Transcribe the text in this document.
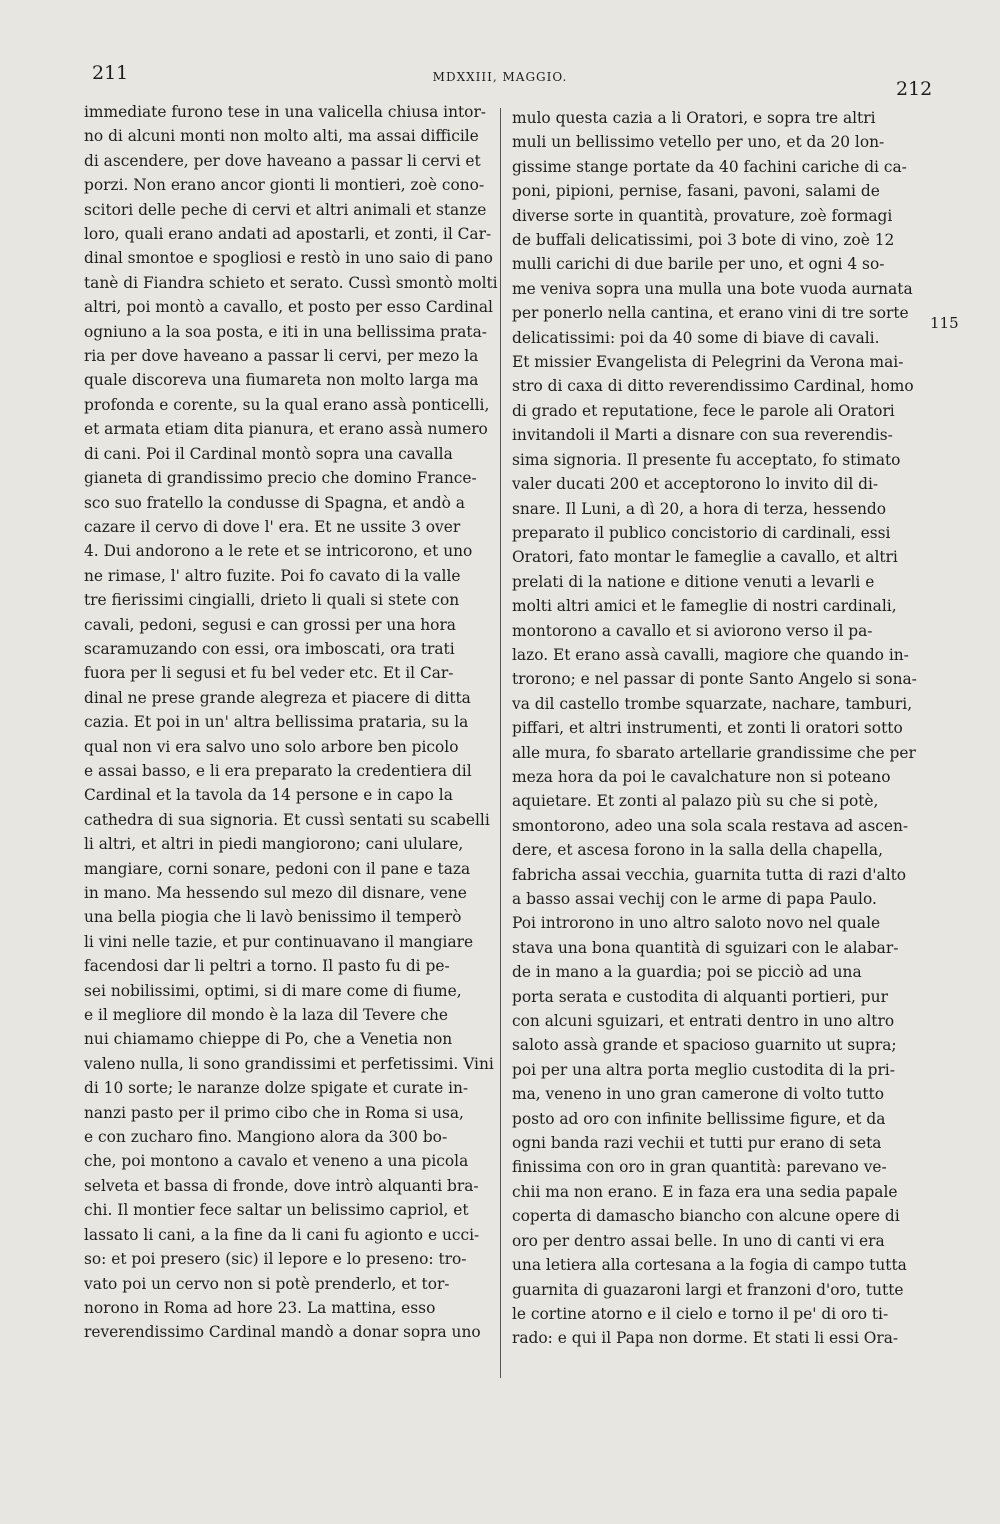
211	MDXXIII, MAGGIO.
212
115
immediate furono tese in una valicella chiusa intor-
no di alcuni monti non molto alti, ma assai difficile
di ascendere, per dove haveano a passar li cervi et
porzi. Non erano ancor gionti li montieri, zoè cono-
scitori delle peche di cervi et altri animali et stanze
loro, quali erano andati ad apostarli, et zonti, il Car-
dinal smontoe e spogliosi e restò in uno saio di pano
tanè di Fiandra schieto et serato. Cussì smontò molti
altri, poi montò a cavallo, et posto per esso Cardinal
ogniuno a la soa posta, e iti in una bellissima prata-
ria per dove haveano a passar li cervi, per mezo la
quale discoreva una fiumareta non molto larga ma
profonda e corente, su la qual erano assà ponticelli,
et armata etiam dita pianura, et erano assà numero
di cani. Poi il Cardinal montò sopra una cavalla
gianeta di grandissimo precio che domino France-
sco suo fratello la condusse di Spagna, et andò a
cazare il cervo di dove l' era. Et ne ussite 3 over
4. Dui andorono a le rete et se intricorono, et uno
ne rimase, l' altro fuzite. Poi fo cavato di la valle
tre fierissimi cingialli, drieto li quali si stete con
cavali, pedoni, segusi e can grossi per una hora
scaramuzando con essi, ora imboscati, ora trati
fuora per li segusi et fu bel veder etc. Et il Car-
dinal ne prese grande alegreza et piacere di ditta
cazia. Et poi in un' altra bellissima prataria, su la
qual non vi era salvo uno solo arbore ben picolo
e assai basso, e li era preparato la credentiera dil
Cardinal et la tavola da 14 persone e in capo la
cathedra di sua signoria. Et cussì sentati su scabelli
li altri, et altri in piedi mangiorono; cani ululare,
mangiare, corni sonare, pedoni con il pane e taza
in mano. Ma hessendo sul mezo dil disnare, vene
una bella piogia che li lavò benissimo il temperò
li vini nelle tazie, et pur continuavano il mangiare
facendosi dar li peltri a torno. Il pasto fu di pe-
sei nobilissimi, optimi, si di mare come di fiume,
e il megliore dil mondo è la laza dil Tevere che
nui chiamamo chieppe di Po, che a Venetia non
valeno nulla, li sono grandissimi et perfetissimi. Vini
di 10 sorte; le naranze dolze spigate et curate in-
nanzi pasto per il primo cibo che in Roma si usa,
e con zucharo fino. Mangiono alora da 300 bo-
che, poi montono a cavalo et veneno a una picola
selveta et bassa di fronde, dove intrò alquanti bra-
chi. Il montier fece saltar un belissimo capriol, et
lassato li cani, a la fine da li cani fu agionto e ucci-
so: et poi presero (sic) il lepore e lo preseno: tro-
vato poi un cervo non si potè prenderlo, et tor-
norono in Roma ad hore 23. La mattina, esso
reverendissimo Cardinal mandò a donar sopra uno
mulo questa cazia a li Oratori, e sopra tre altri
muli un bellissimo vetello per uno, et da 20 lon-
gissime stange portate da 40 fachini cariche di ca-
poni, pipioni, pernise, fasani, pavoni, salami de
diverse sorte in quantità, provature, zoè formagi
de buffali delicatissimi, poi 3 bote di vino, zoè 12
mulli carichi di due barile per uno, et ogni 4 so-
me veniva sopra una mulla una bote vuoda aurnata
per ponerlo nella cantina, et erano vini di tre sorte
delicatissimi: poi da 40 some di biave di cavali.
Et missier Evangelista di Pelegrini da Verona mai-
stro di caxa di ditto reverendissimo Cardinal, homo
di grado et reputatione, fece le parole ali Oratori
invitandoli il Marti a disnare con sua reverendis-
sima signoria. Il presente fu acceptato, fo stimato
valer ducati 200 et acceptorono lo invito dil di-
snare. Il Luni, a dì 20, a hora di terza, hessendo
preparato il publico concistorio di cardinali, essi
Oratori, fato montar le fameglie a cavallo, et altri
prelati di la natione e ditione venuti a levarli e
molti altri amici et le fameglie di nostri cardinali,
montorono a cavallo et si aviorono verso il pa-
lazo. Et erano assà cavalli, magiore che quando in-
trorono; e nel passar di ponte Santo Angelo si sona-
va dil castello trombe squarzate, nachare, tamburi,
piffari, et altri instrumenti, et zonti li oratori sotto
alle mura, fo sbarato artellarie grandissime che per
meza hora da poi le cavalchature non si poteano
aquietare. Et zonti al palazo più su che si potè,
smontorono, adeo una sola scala restava ad ascen-
dere, et ascesa forono in la salla della chapella,
fabricha assai vecchia, guarnita tutta di razi d'alto
a basso assai vechij con le arme di papa Paulo.
Poi introrono in uno altro saloto novo nel quale
stava una bona quantità di sguizari con le alabar-
de in mano a la guardia; poi se picciò ad una
porta serata e custodita di alquanti portieri, pur
con alcuni sguizari, et entrati dentro in uno altro
saloto assà grande et spacioso guarnito ut supra;
poi per una altra porta meglio custodita di la pri-
ma, veneno in uno gran camerone di volto tutto
posto ad oro con infinite bellissime figure, et da
ogni banda razi vechii et tutti pur erano di seta
finissima con oro in gran quantità: parevano ve-
chii ma non erano. E in faza era una sedia papale
coperta di damascho biancho con alcune opere di
oro per dentro assai belle. In uno di canti vi era
una letiera alla cortesana a la fogia di campo tutta
guarnita di guazaroni largi et franzoni d'oro, tutte
le cortine atorno e il cielo e torno il pe' di oro ti-
rado: e qui il Papa non dorme. Et stati li essi Ora-
